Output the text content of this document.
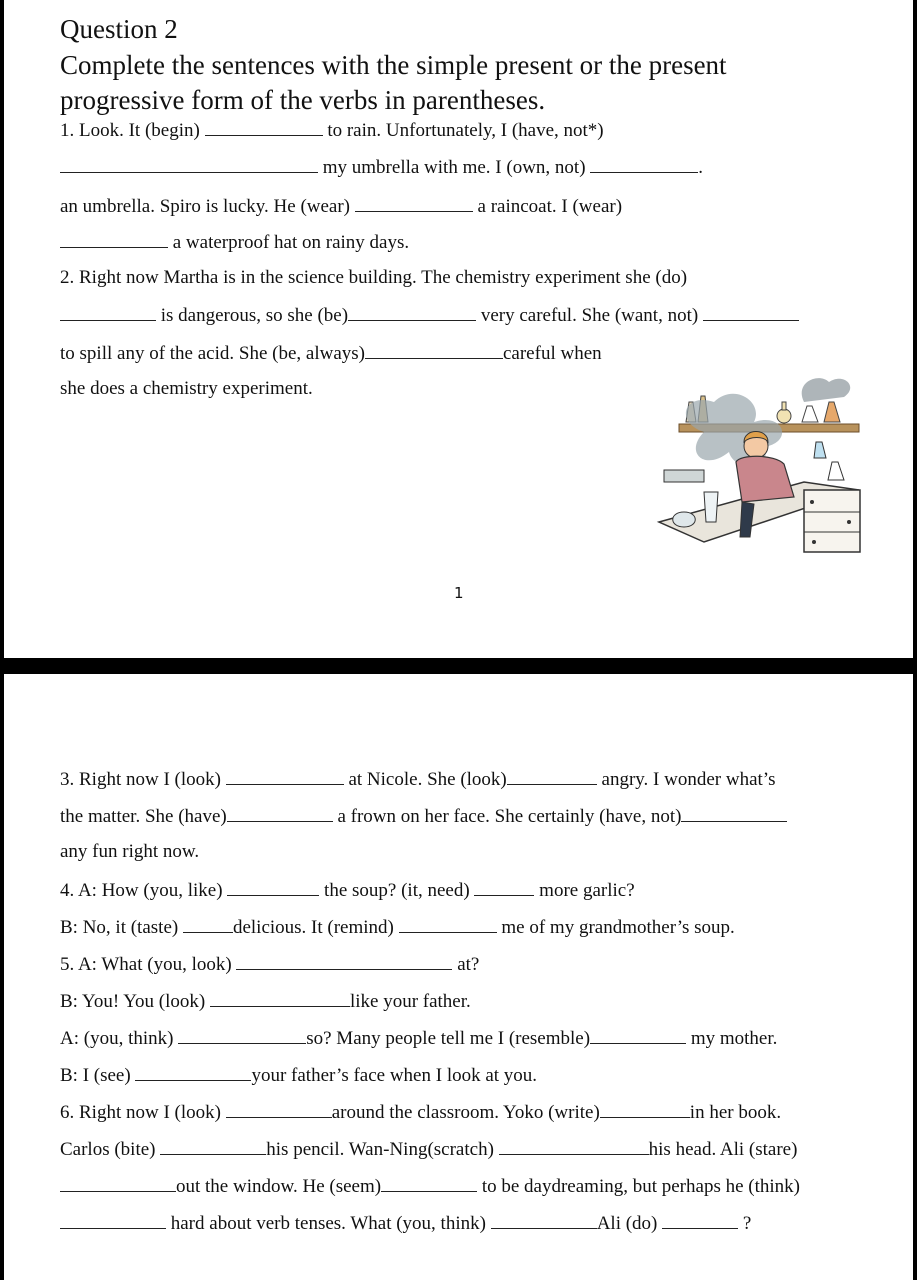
Question 2
Complete the sentences with the simple present or the present
progressive form of the verbs in parentheses.
1. Look. It (begin)	to rain. Unfortunately, I (have, not*)
my umbrella with me. I (own, not)	.
an umbrella. Spiro is lucky. He (wear)	a raincoat. I (wear)
a waterproof hat on rainy days.
2. Right now Martha is in the science building. The chemistry experiment she (do)
is dangerous, so she (be)	very careful. She (want, not)
to spill any of the acid. She (be, always)	careful when
she does a chemistry experiment.
1
3. Right now I (look)	at Nicole. She (look)	angry. I wonder what’s
the matter. She (have)	a frown on her face. She certainly (have, not)
any fun right now.
4. A: How (you, like)	the soup? (it, need)	more garlic?
B: No, it (taste)	delicious. It (remind)	me of my grandmother’s soup.
5. A: What (you, look)	at?
B: You! You (look)	like your father.
A: (you, think)	so? Many people tell me I (resemble)	my mother.
B: I (see)	your father’s face when I look at you.
6. Right now I (look)	around the classroom. Yoko (write)	in her book.
Carlos (bite)	his pencil. Wan-Ning(scratch)	his head. Ali (stare)
out the window. He (seem)	to be daydreaming, but perhaps he (think)
hard about verb tenses. What (you, think)	Ali (do)	?
